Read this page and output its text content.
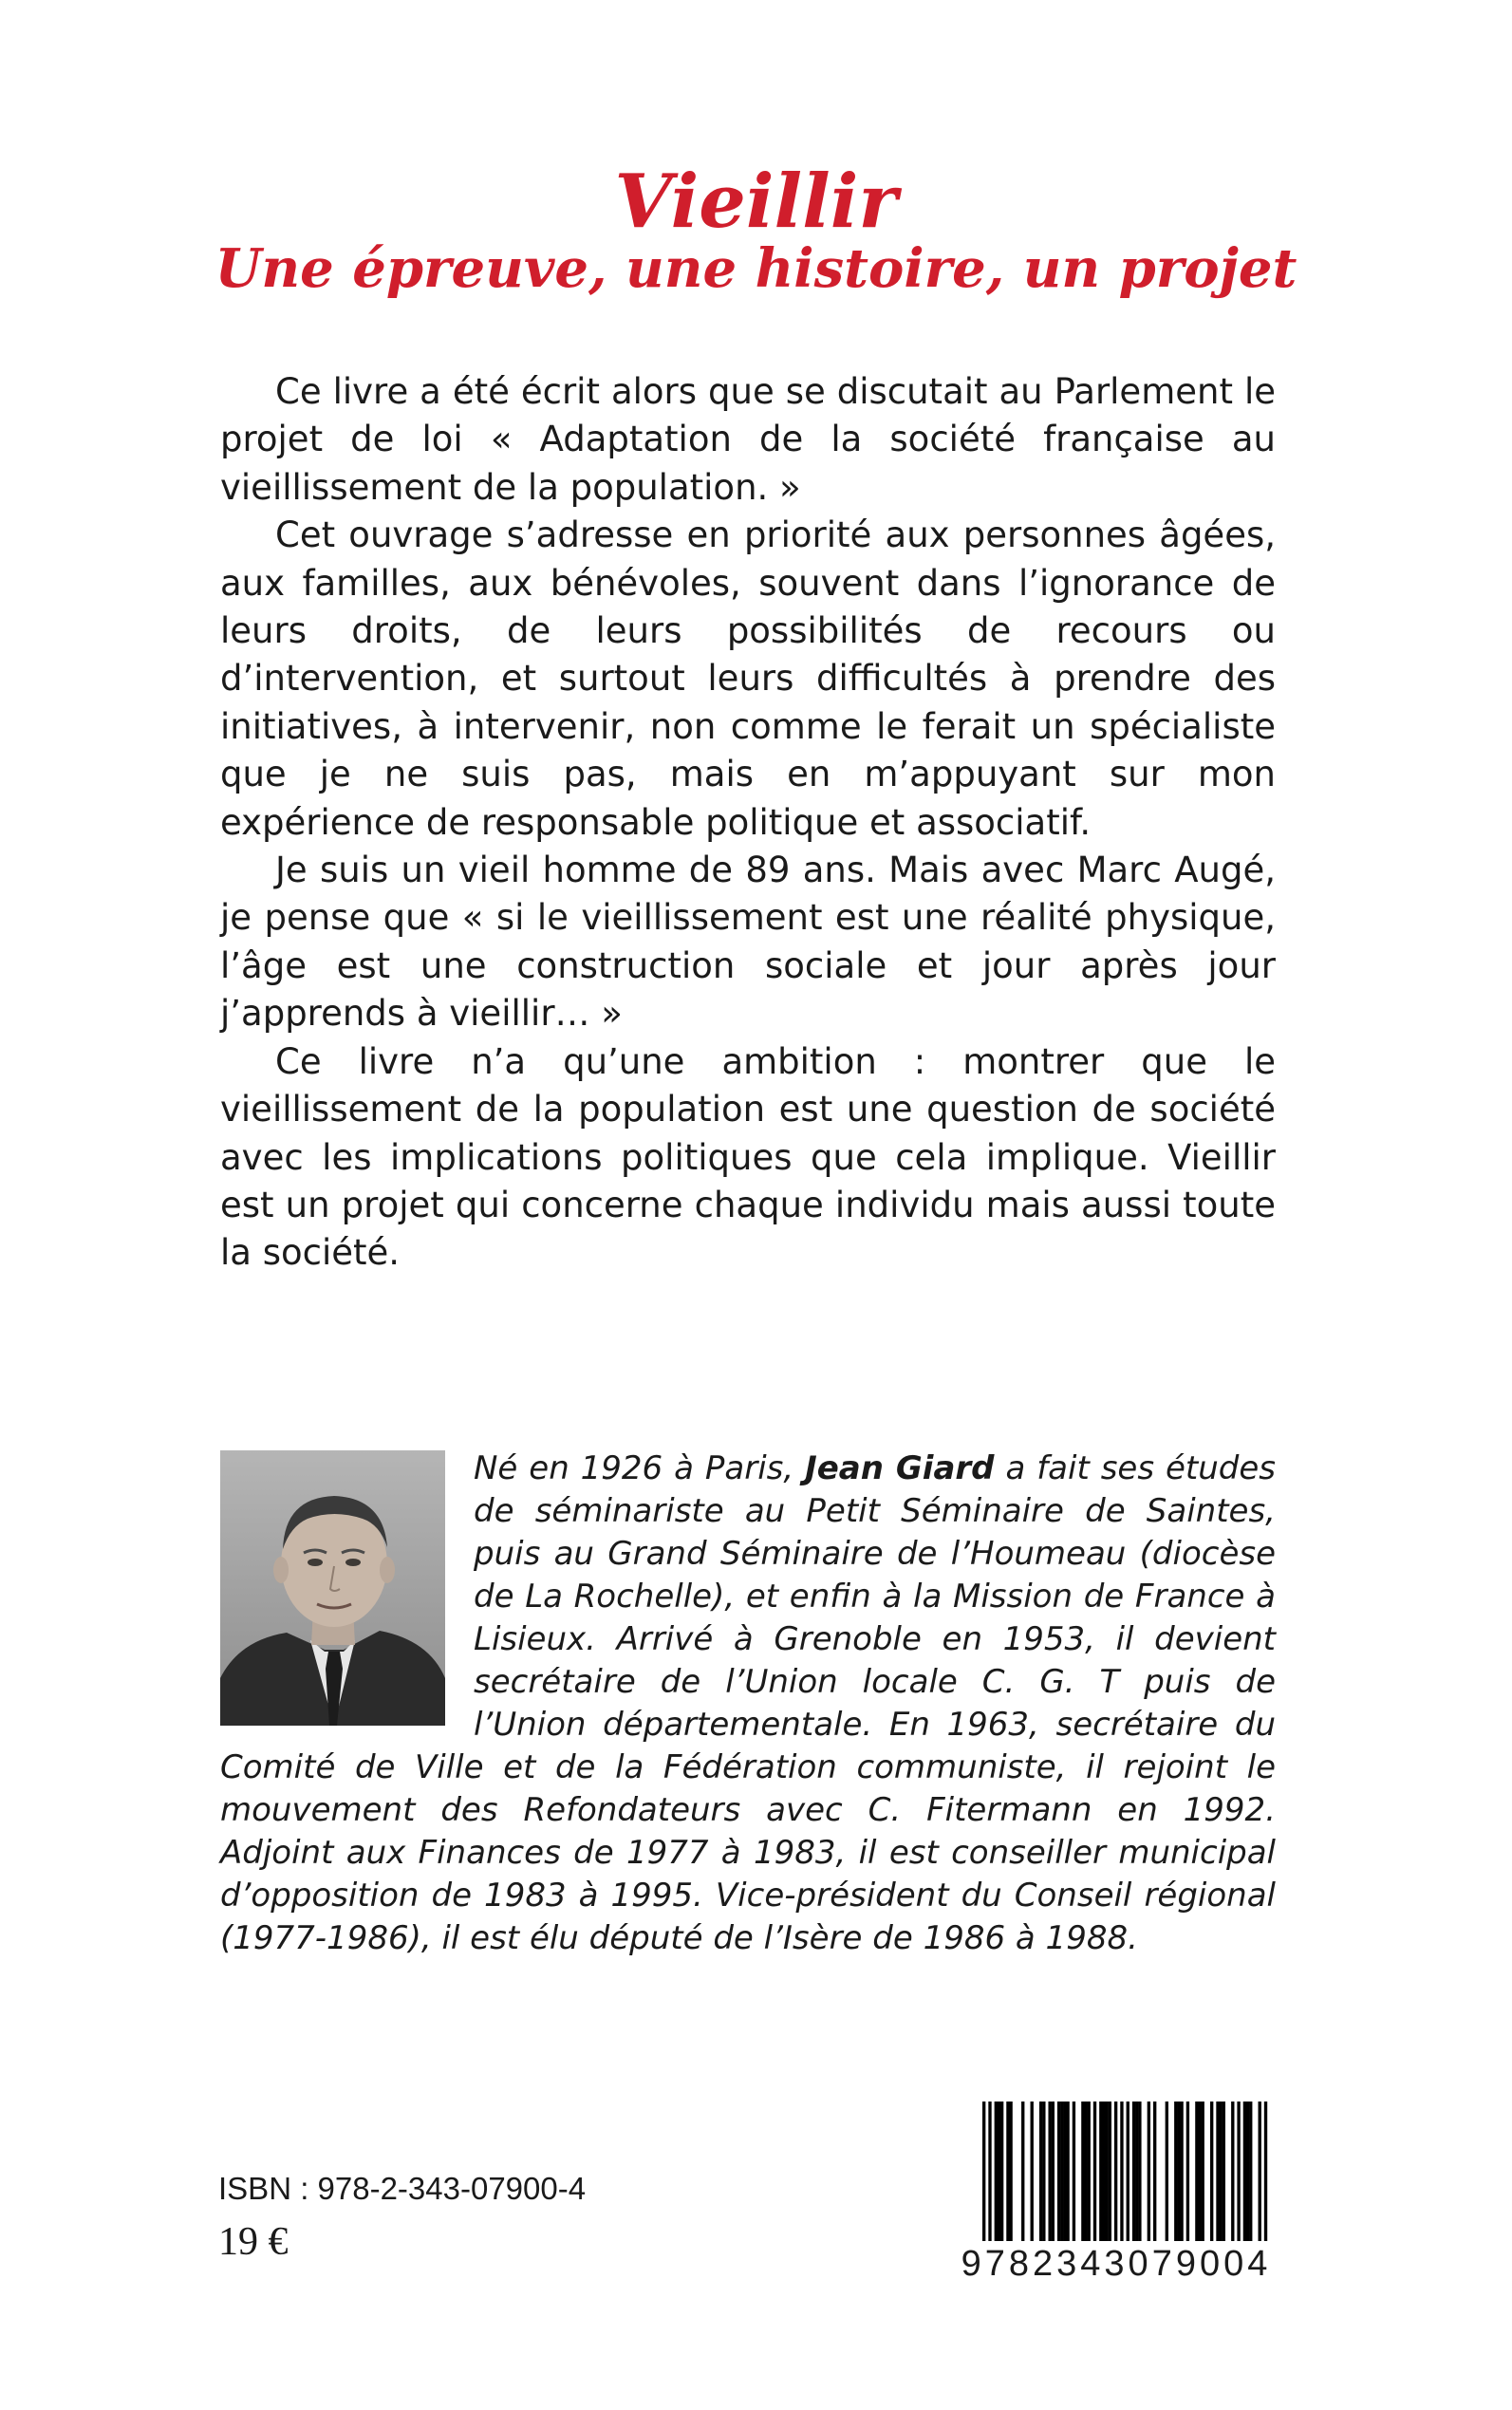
Vieillir
Une épreuve, une histoire, un projet

Ce livre a été écrit alors que se discutait au Parlement le projet de loi « Adaptation de la société française au vieillissement de la population. »

Cet ouvrage s’adresse en priorité aux personnes âgées, aux familles, aux bénévoles, souvent dans l’ignorance de leurs droits, de leurs possibilités de recours ou d’intervention, et surtout leurs difficultés à prendre des initiatives, à intervenir, non comme le ferait un spécialiste que je ne suis pas, mais en m’appuyant sur mon expérience de responsable politique et associatif.

Je suis un vieil homme de 89 ans. Mais avec Marc Augé, je pense que « si le vieillissement est une réalité physique, l’âge est une construction sociale et jour après jour j’apprends à vieillir… »

Ce livre n’a qu’une ambition : montrer que le vieillissement de la population est une question de société avec les implications politiques que cela implique. Vieillir est un projet qui concerne chaque individu mais aussi toute la société.

Né en 1926 à Paris, Jean Giard a fait ses études de séminariste au Petit Séminaire de Saintes, puis au Grand Séminaire de l’Houmeau (diocèse de La Rochelle), et enfin à la Mission de France à Lisieux. Arrivé à Grenoble en 1953, il devient secrétaire de l’Union locale C. G. T puis de l’Union départementale. En 1963, secrétaire du Comité de Ville et de la Fédération communiste, il rejoint le mouvement des Refondateurs avec C. Fitermann en 1992. Adjoint aux Finances de 1977 à 1983, il est conseiller municipal d’opposition de 1983 à 1995. Vice-président du Conseil régional (1977-1986), il est élu député de l’Isère de 1986 à 1988.

ISBN : 978-2-343-07900-4
19 €	9782343079004
